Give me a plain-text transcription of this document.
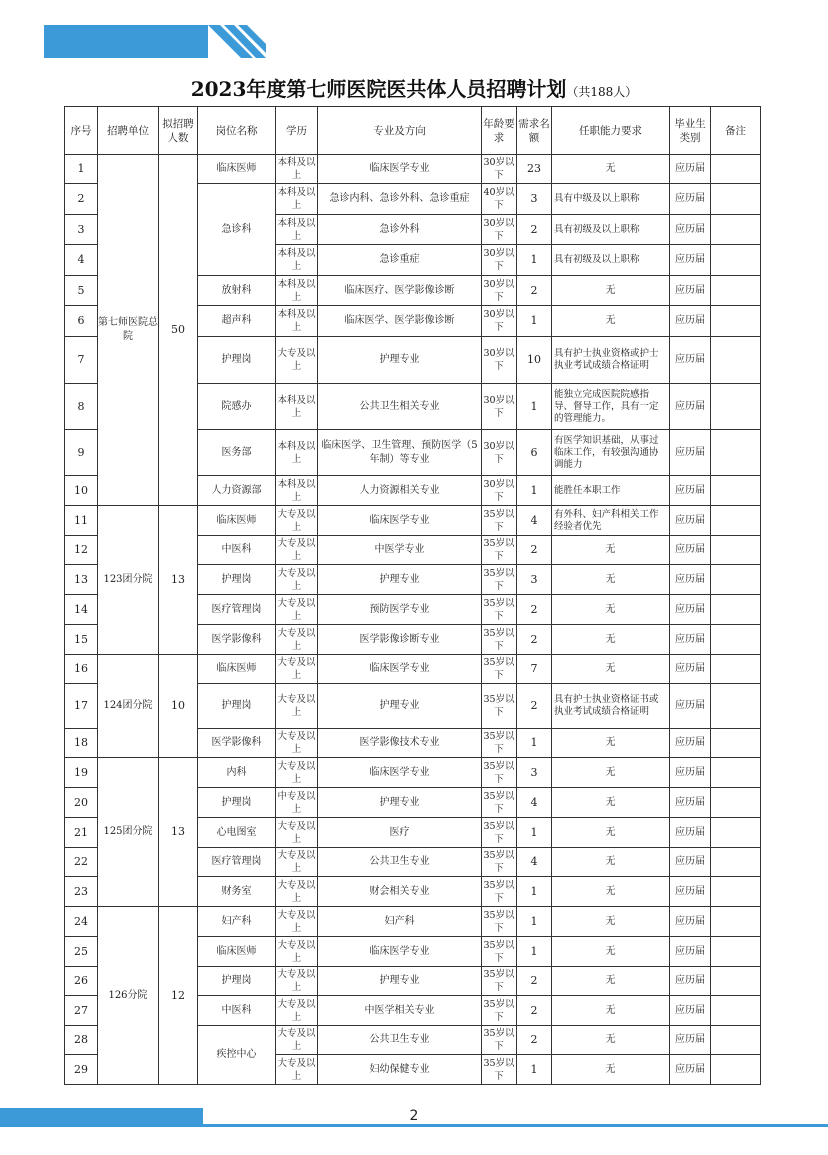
2023年度第七师医院医共体人员招聘计划（共188人）
序号	招聘单位	拟招聘人数	岗位名称	学历	专业及方向	年龄要求	需求名额	任职能力要求	毕业生类别	备注
1	第七师医院总院	50	临床医师	本科及以上	临床医学专业	30岁以下	23	无	应历届	
2			急诊科	本科及以上	急诊内科、急诊外科、急诊重症	40岁以下	3	具有中级及以上职称	应历届	
3				本科及以上	急诊外科	30岁以下	2	具有初级及以上职称	应历届	
4				本科及以上	急诊重症	30岁以下	1	具有初级及以上职称	应历届	
5			放射科	本科及以上	临床医疗、医学影像诊断	30岁以下	2	无	应历届	
6			超声科	本科及以上	临床医学、医学影像诊断	30岁以下	1	无	应历届	
7			护理岗	大专及以上	护理专业	30岁以下	10	具有护士执业资格或护士执业考试成绩合格证明	应历届	
8			院感办	本科及以上	公共卫生相关专业	30岁以下	1	能独立完成医院院感指导、督导工作，具有一定的管理能力。	应历届	
9			医务部	本科及以上	临床医学、卫生管理、预防医学（5年制）等专业	30岁以下	6	有医学知识基础，从事过临床工作，有较强沟通协调能力	应历届	
10			人力资源部	本科及以上	人力资源相关专业	30岁以下	1	能胜任本职工作	应历届	
11	123团分院	13	临床医师	大专及以上	临床医学专业	35岁以下	4	有外科、妇产科相关工作经验者优先	应历届	
12			中医科	大专及以上	中医学专业	35岁以下	2	无	应历届	
13			护理岗	大专及以上	护理专业	35岁以下	3	无	应历届	
14			医疗管理岗	大专及以上	预防医学专业	35岁以下	2	无	应历届	
15			医学影像科	大专及以上	医学影像诊断专业	35岁以下	2	无	应历届	
16	124团分院	10	临床医师	大专及以上	临床医学专业	35岁以下	7	无	应历届	
17			护理岗	大专及以上	护理专业	35岁以下	2	具有护士执业资格证书或执业考试成绩合格证明	应历届	
18			医学影像科	大专及以上	医学影像技术专业	35岁以下	1	无	应历届	
19	125团分院	13	内科	大专及以上	临床医学专业	35岁以下	3	无	应历届	
20			护理岗	中专及以上	护理专业	35岁以下	4	无	应历届	
21			心电图室	大专及以上	医疗	35岁以下	1	无	应历届	
22			医疗管理岗	大专及以上	公共卫生专业	35岁以下	4	无	应历届	
23			财务室	大专及以上	财会相关专业	35岁以下	1	无	应历届	
24	126分院	12	妇产科	大专及以上	妇产科	35岁以下	1	无	应历届	
25			临床医师	大专及以上	临床医学专业	35岁以下	1	无	应历届	
26			护理岗	大专及以上	护理专业	35岁以下	2	无	应历届	
27			中医科	大专及以上	中医学相关专业	35岁以下	2	无	应历届	
28			疾控中心	大专及以上	公共卫生专业	35岁以下	2	无	应历届	
29				大专及以上	妇幼保健专业	35岁以下	1	无	应历届	
2
